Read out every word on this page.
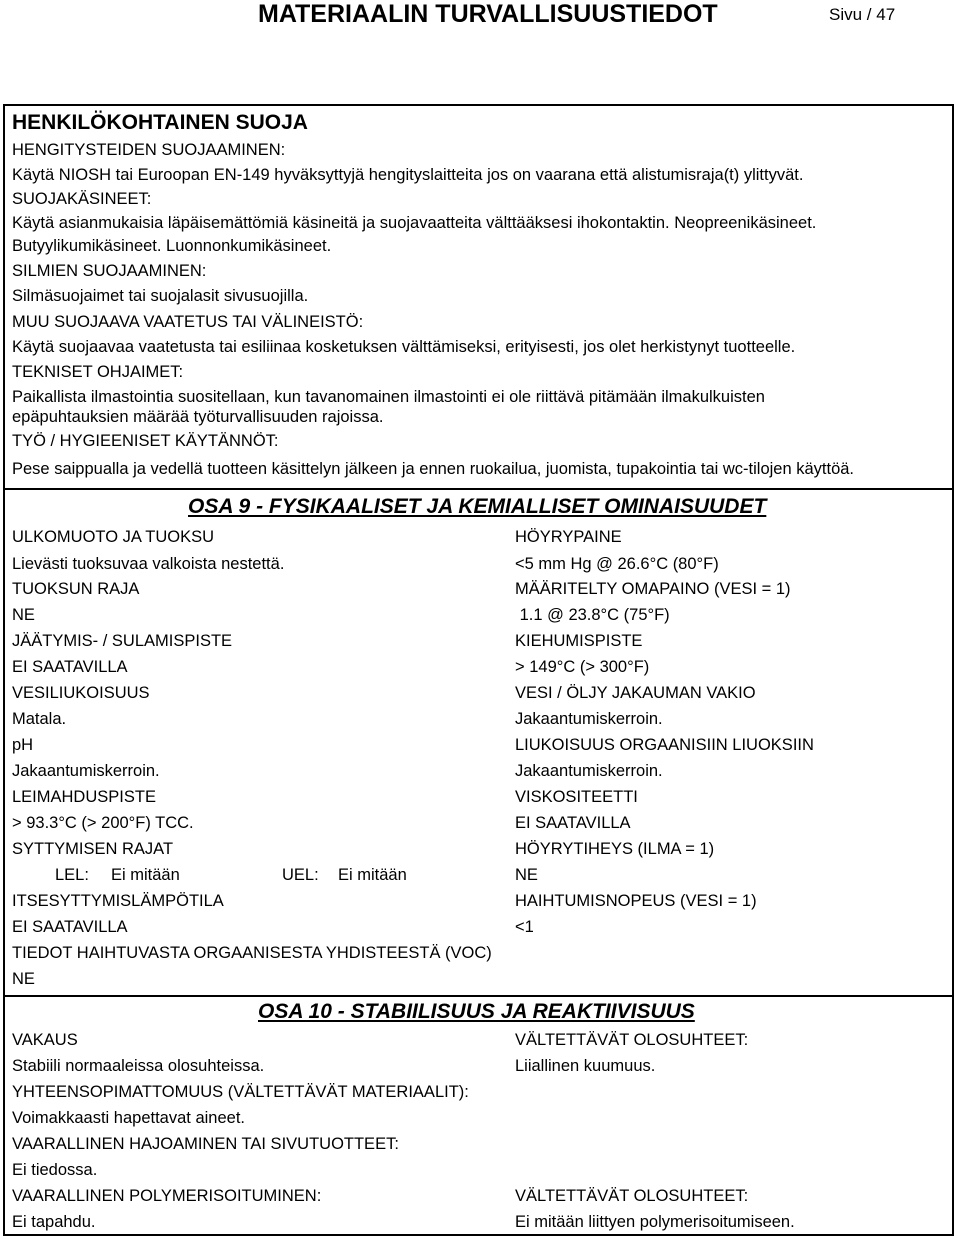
MATERIAALIN TURVALLISUUSTIEDOT	Sivu / 47
HENKILÖKOHTAINEN SUOJA
HENGITYSTEIDEN SUOJAAMINEN:
Käytä NIOSH tai Euroopan EN-149 hyväksyttyjä hengityslaitteita jos on vaarana että alistumisraja(t) ylittyvät.
SUOJAKÄSINEET:
Käytä asianmukaisia läpäisemättömiä käsineitä ja suojavaatteita välttääksesi ihokontaktin. Neopreenikäsineet.
Butyylikumikäsineet. Luonnonkumikäsineet.
SILMIEN SUOJAAMINEN:
Silmäsuojaimet tai suojalasit sivusuojilla.
MUU SUOJAAVA VAATETUS TAI VÄLINEISTÖ:
Käytä suojaavaa vaatetusta tai esiliinaa kosketuksen välttämiseksi, erityisesti, jos olet herkistynyt tuotteelle.
TEKNISET OHJAIMET:
Paikallista ilmastointia suositellaan, kun tavanomainen ilmastointi ei ole riittävä pitämään ilmakulkuisten
epäpuhtauksien määrää työturvallisuuden rajoissa.
TYÖ / HYGIEENISET KÄYTÄNNÖT:
Pese saippualla ja vedellä tuotteen käsittelyn jälkeen ja ennen ruokailua, juomista, tupakointia tai wc-tilojen käyttöä.
OSA 9 - FYSIKAALISET JA KEMIALLISET OMINAISUUDET
ULKOMUOTO JA TUOKSU
Lievästi tuoksuvaa valkoista nestettä.
TUOKSUN RAJA
NE
JÄÄTYMIS- / SULAMISPISTE
EI SAATAVILLA
VESILIUKOISUUS
Matala.
pH
Jakaantumiskerroin.
LEIMAHDUSPISTE
> 93.3°C (> 200°F) TCC.
SYTTYMISEN RAJAT
LEL: Ei mitään	UEL: Ei mitään
ITSESYTTYMISLÄMPÖTILA
EI SAATAVILLA
TIEDOT HAIHTUVASTA ORGAANISESTA YHDISTEESTÄ (VOC)
NE
HÖYRYPAINE
<5 mm Hg @ 26.6°C (80°F)
MÄÄRITELTY OMAPAINO (VESI = 1)
1.1 @ 23.8°C (75°F)
KIEHUMISPISTE
> 149°C (> 300°F)
VESI / ÖLJY JAKAUMAN VAKIO
Jakaantumiskerroin.
LIUKOISUUS ORGAANISIIN LIUOKSIIN
Jakaantumiskerroin.
VISKOSITEETTI
EI SAATAVILLA
HÖYRYTIHEYS (ILMA = 1)
NE
HAIHTUMISNOPEUS (VESI = 1)
<1
OSA 10 - STABIILISUUS JA REAKTIIVISUUS
VAKAUS
Stabiili normaaleissa olosuhteissa.
YHTEENSOPIMATTOMUUS (VÄLTETTÄVÄT MATERIAALIT):
Voimakkaasti hapettavat aineet.
VAARALLINEN HAJOAMINEN TAI SIVUTUOTTEET:
Ei tiedossa.
VAARALLINEN POLYMERISOITUMINEN:
Ei tapahdu.
VÄLTETTÄVÄT OLOSUHTEET:
Liiallinen kuumuus.
VÄLTETTÄVÄT OLOSUHTEET:
Ei mitään liittyen polymerisoitumiseen.
